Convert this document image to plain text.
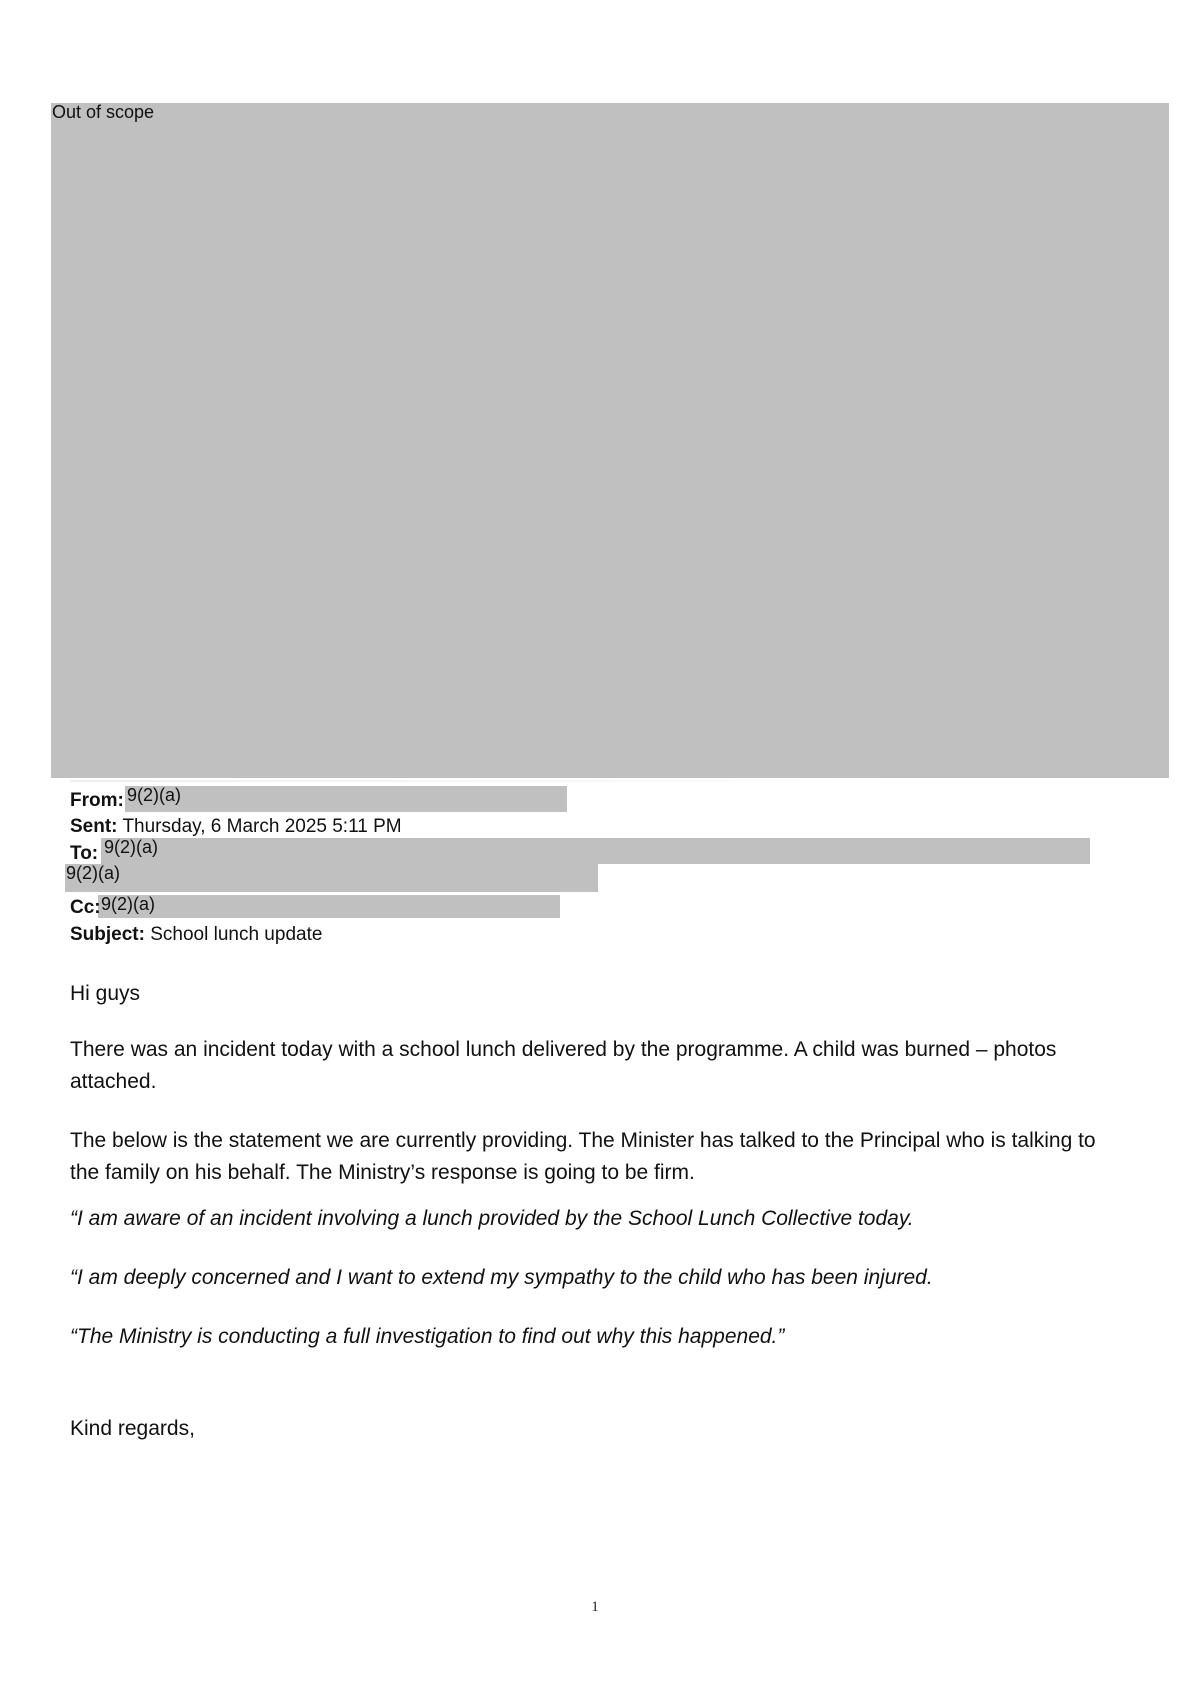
Out of scope
From: 9(2)(a)
Sent: Thursday, 6 March 2025 5:11 PM
9(2)(a)
To:
9(2)(a)
9(2)(a)
Cc:
Subject: School lunch update
Hi guys
There was an incident today with a school lunch delivered by the programme. A child was burned – photos attached.
The below is the statement we are currently providing. The Minister has talked to the Principal who is talking to the family on his behalf. The Ministry’s response is going to be firm.
“I am aware of an incident involving a lunch provided by the School Lunch Collective today.
“I am deeply concerned and I want to extend my sympathy to the child who has been injured.
“The Ministry is conducting a full investigation to find out why this happened.”
Kind regards,
1
